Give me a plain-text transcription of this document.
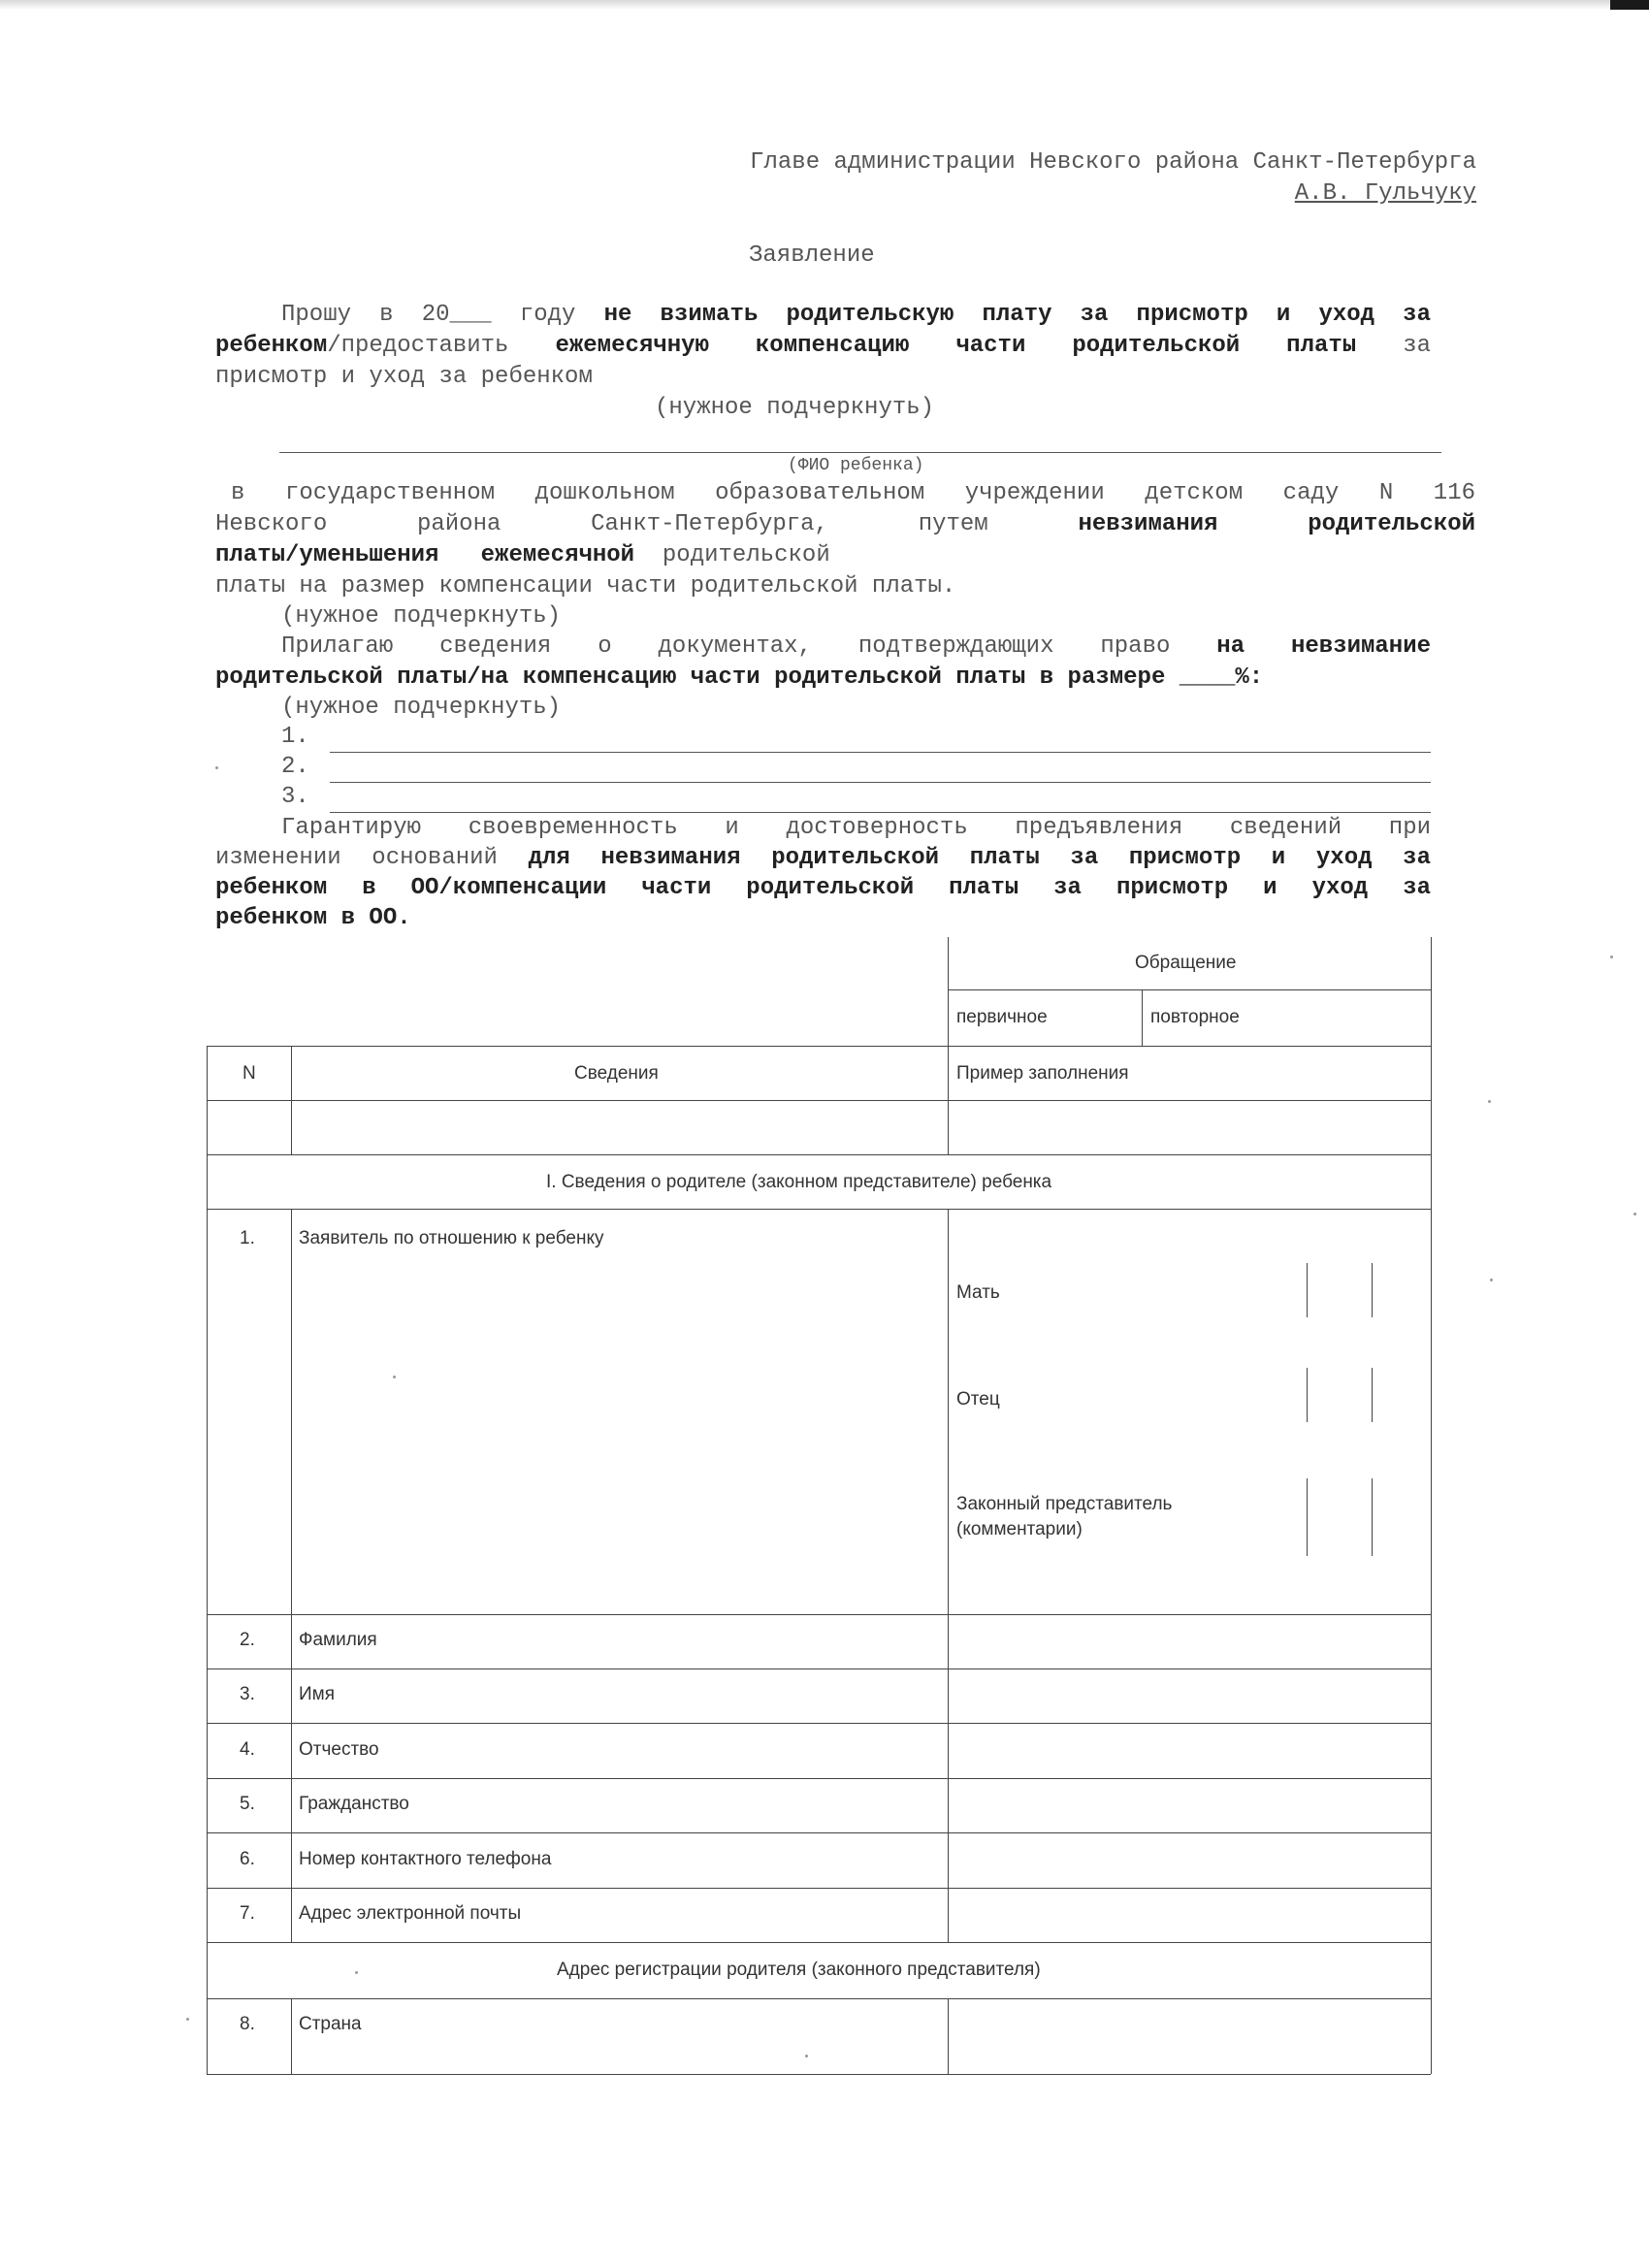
Главе администрации Невского района Санкт-Петербурга
А.В. Гульчуку
Заявление
Прошу в 20___ году не взимать родительскую плату за присмотр и уход за
ребенком/предоставить ежемесячную компенсацию части родительской платы за
присмотр и уход за ребенком
(нужное подчеркнуть)
(ФИО ребенка)
в государственном дошкольном образовательном учреждении детском саду N 116
Невского	района	Санкт-Петербурга,	путем	невзимания	родительской
платы/уменьшения ежемесячной родительской
платы на размер компенсации части родительской платы.
(нужное подчеркнуть)
Прилагаю сведения о документах, подтверждающих право на невзимание
родительской платы/на компенсацию части родительской платы в размере ____%:
(нужное подчеркнуть)
1.
2.
3.
Гарантирую своевременность и достоверность предъявления сведений при
изменении оснований для невзимания родительской платы за присмотр и уход за
ребенком в ОО/компенсации части родительской платы за присмотр и уход за
ребенком в ОО.
Обращение
первичное	повторное
N	Сведения	Пример заполнения
I. Сведения о родителе (законном представителе) ребенка
1. Заявитель по отношению к ребенку
Мать
Отец
Законный представитель
(комментарии)
2. Фамилия
3. Имя
4. Отчество
5. Гражданство
6. Номер контактного телефона
7. Адрес электронной почты
Адрес регистрации родителя (законного представителя)
8. Страна
